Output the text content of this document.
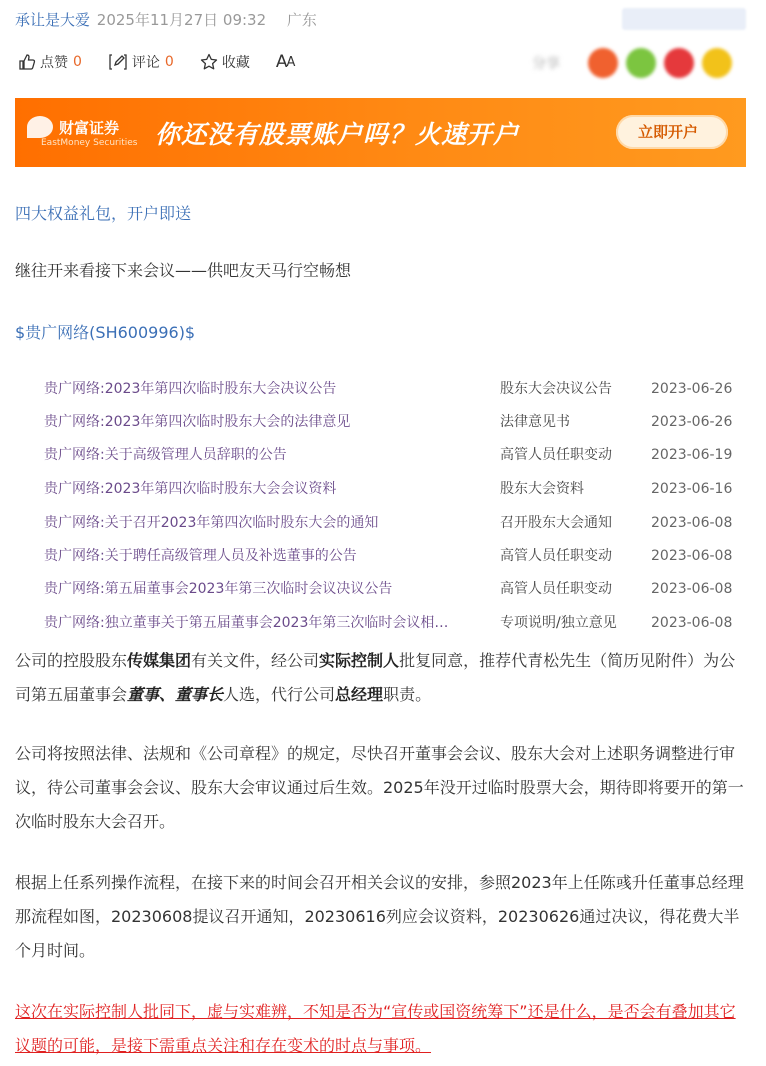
承让是大爱 2025年11月27日 09:32 广东
点赞 0	评论 0	收藏 A A	分享
财富证券
EastMoney Securities 你还没有股票账户吗？火速开户	立即开户
四大权益礼包，开户即送
继往开来看接下来会议——供吧友天马行空畅想
$贵广网络(SH600996)$
贵广网络:2023年第四次临时股东大会决议公告	股东大会决议公告	2023-06-26
贵广网络:2023年第四次临时股东大会的法律意见	法律意见书	2023-06-26
贵广网络:关于高级管理人员辞职的公告	高管人员任职变动	2023-06-19
贵广网络:2023年第四次临时股东大会会议资料	股东大会资料	2023-06-16
贵广网络:关于召开2023年第四次临时股东大会的通知	召开股东大会通知	2023-06-08
贵广网络:关于聘任高级管理人员及补选董事的公告	高管人员任职变动	2023-06-08
贵广网络:第五届董事会2023年第三次临时会议决议公告	高管人员任职变动	2023-06-08
贵广网络:独立董事关于第五届董事会2023年第三次临时会议相…	专项说明/独立意见 2023-06-08
公司的控股股东传媒集团有关文件，经公司实际控制人批复同意，推荐代青松先生（简历见附件）为公司第五届董事会董事、董事长人选，代行公司总经理职责。
公司将按照法律、法规和《公司章程》的规定，尽快召开董事会会议、股东大会对上述职务调整进行审议，待公司董事会会议、股东大会审议通过后生效。2025年没开过临时股票大会，期待即将要开的第一次临时股东大会召开。
根据上任系列操作流程，在接下来的时间会召开相关会议的安排，参照2023年上任陈彧升任董事总经理那流程如图，20230608提议召开通知，20230616列应会议资料，20230626通过决议，得花费大半个月时间。
这次在实际控制人批同下，虚与实难辨，不知是否为“宣传或国资统筹下”还是什么，是否会有叠加其它议题的可能，是接下需重点关注和存在变术的时点与事项。
